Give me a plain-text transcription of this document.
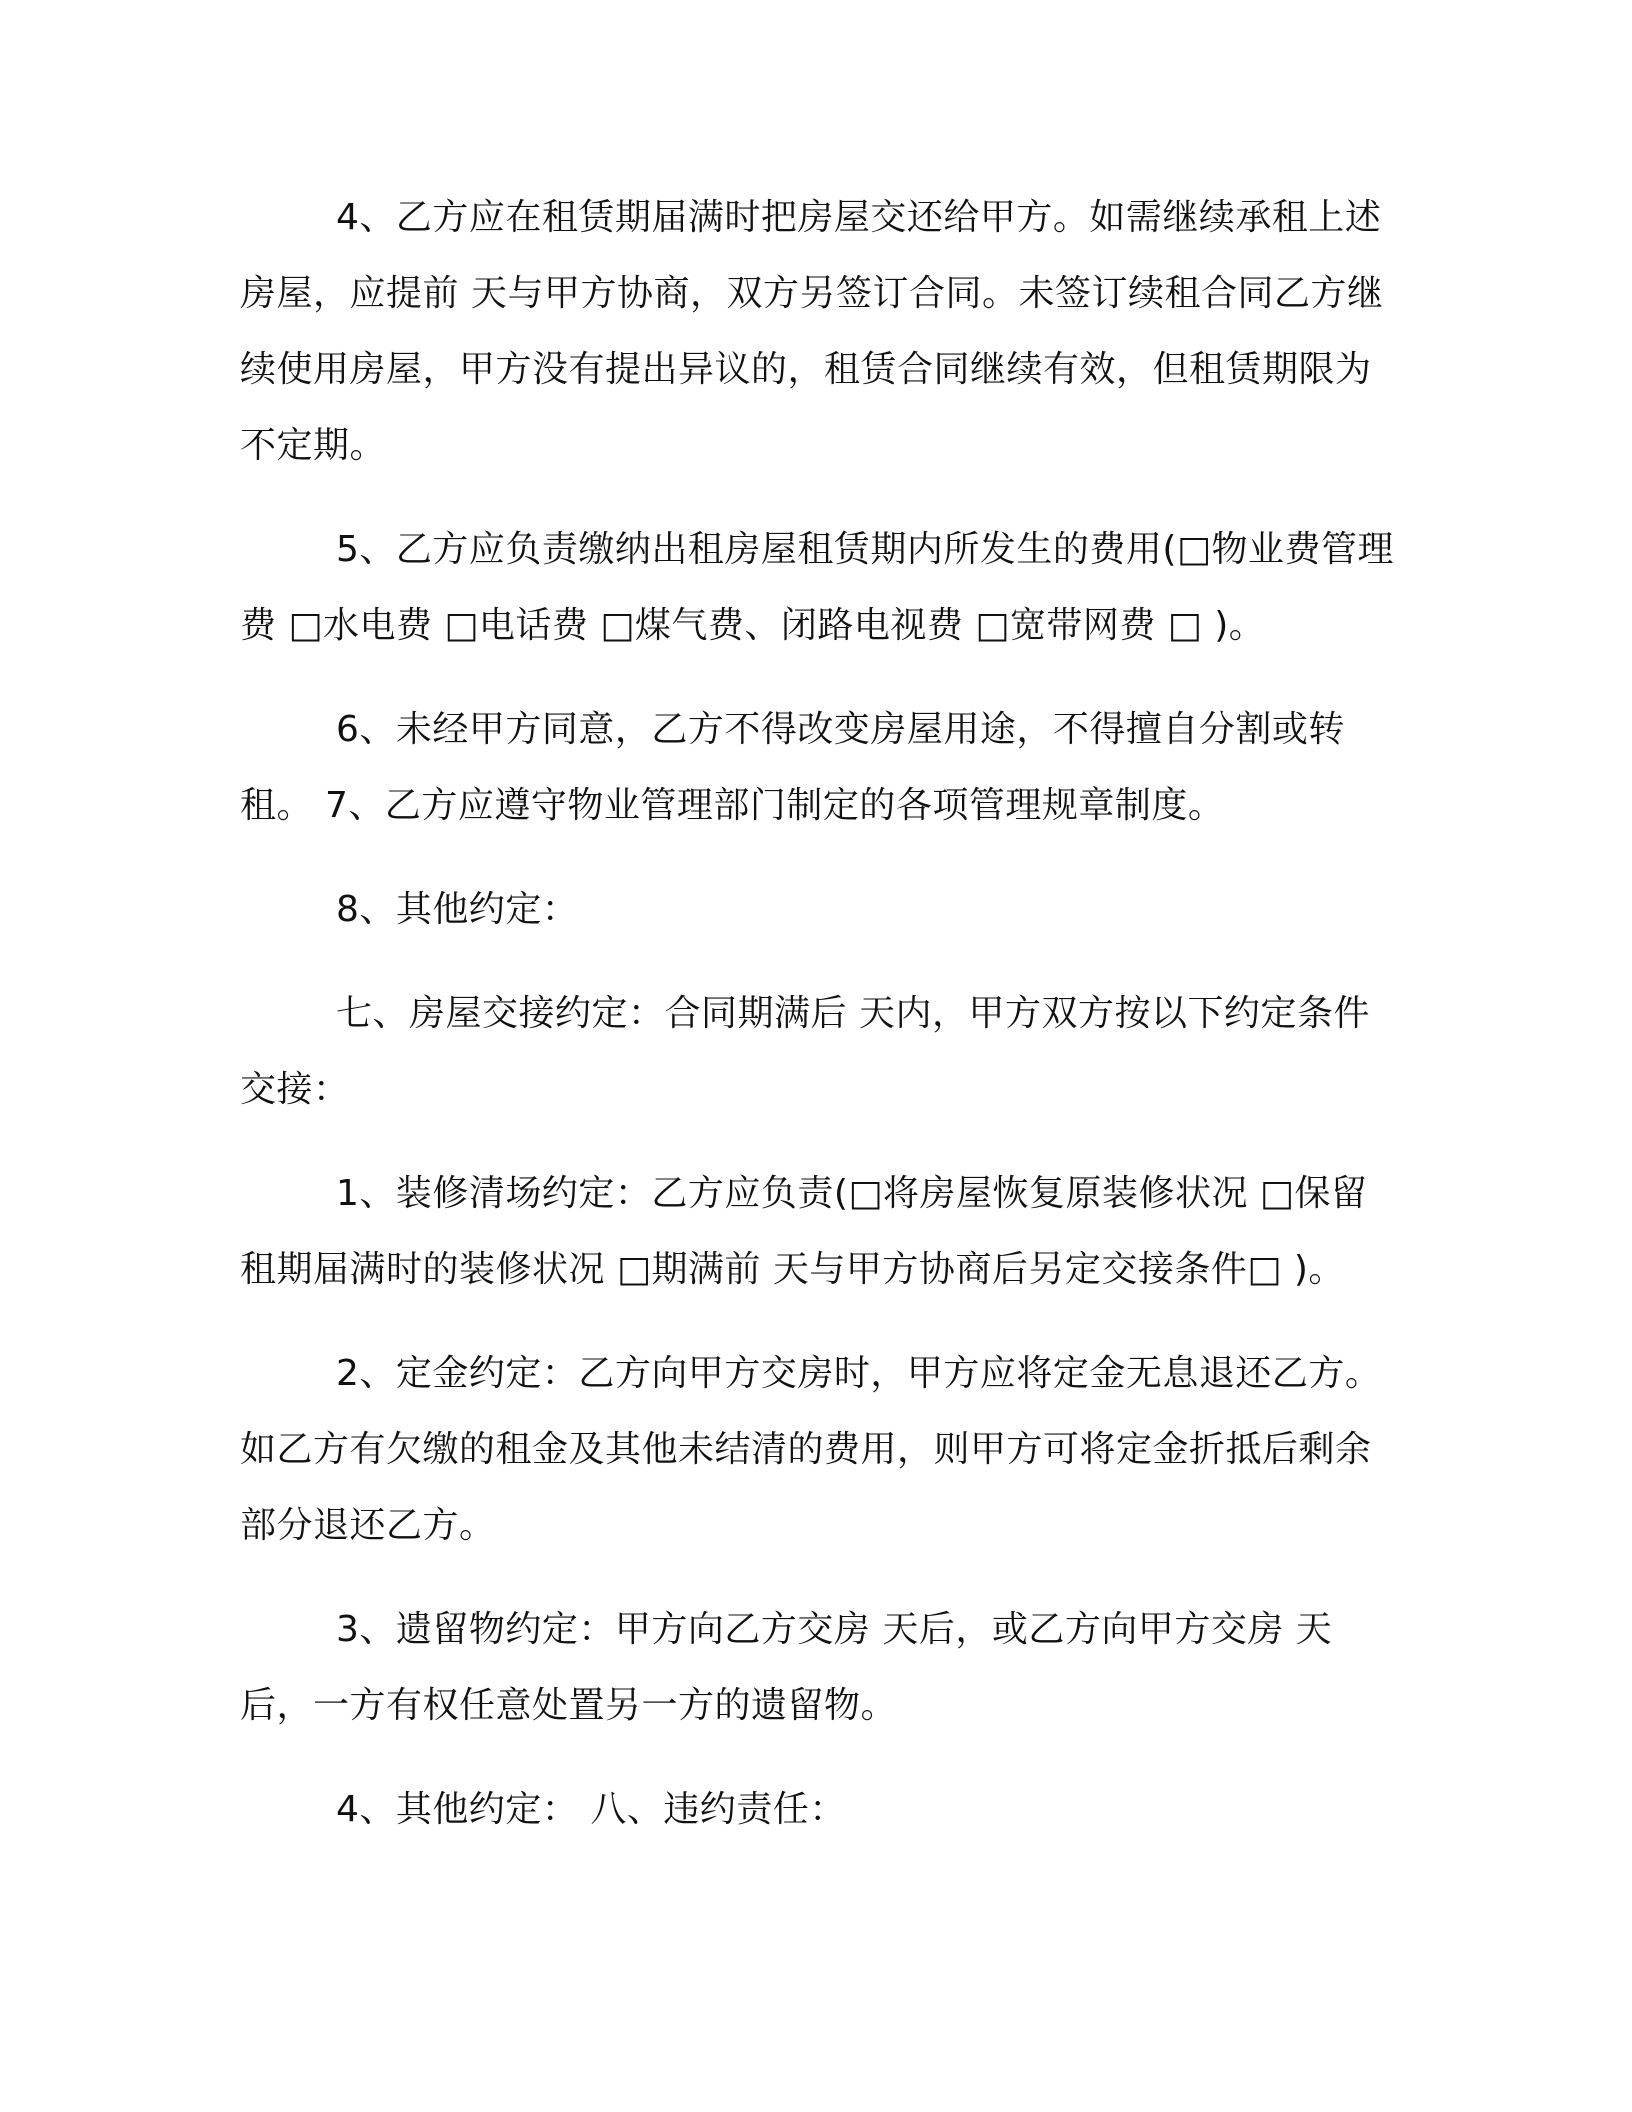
4、乙方应在租赁期届满时把房屋交还给甲方。如需继续承租上述房屋，应提前 天与甲方协商，双方另签订合同。未签订续租合同乙方继续使用房屋，甲方没有提出异议的，租赁合同继续有效，但租赁期限为不定期。

5、乙方应负责缴纳出租房屋租赁期内所发生的费用(□物业费管理费 □水电费 □电话费 □煤气费、闭路电视费 □宽带网费 □ )。

6、未经甲方同意，乙方不得改变房屋用途，不得擅自分割或转租。 7、乙方应遵守物业管理部门制定的各项管理规章制度。

8、其他约定：

七、房屋交接约定：合同期满后 天内，甲方双方按以下约定条件交接：

1、装修清场约定：乙方应负责(□将房屋恢复原装修状况 □保留租期届满时的装修状况 □期满前 天与甲方协商后另定交接条件□ )。

2、定金约定：乙方向甲方交房时，甲方应将定金无息退还乙方。如乙方有欠缴的租金及其他未结清的费用，则甲方可将定金折抵后剩余部分退还乙方。

3、遗留物约定：甲方向乙方交房 天后，或乙方向甲方交房 天后，一方有权任意处置另一方的遗留物。

4、其他约定： 八、违约责任：
